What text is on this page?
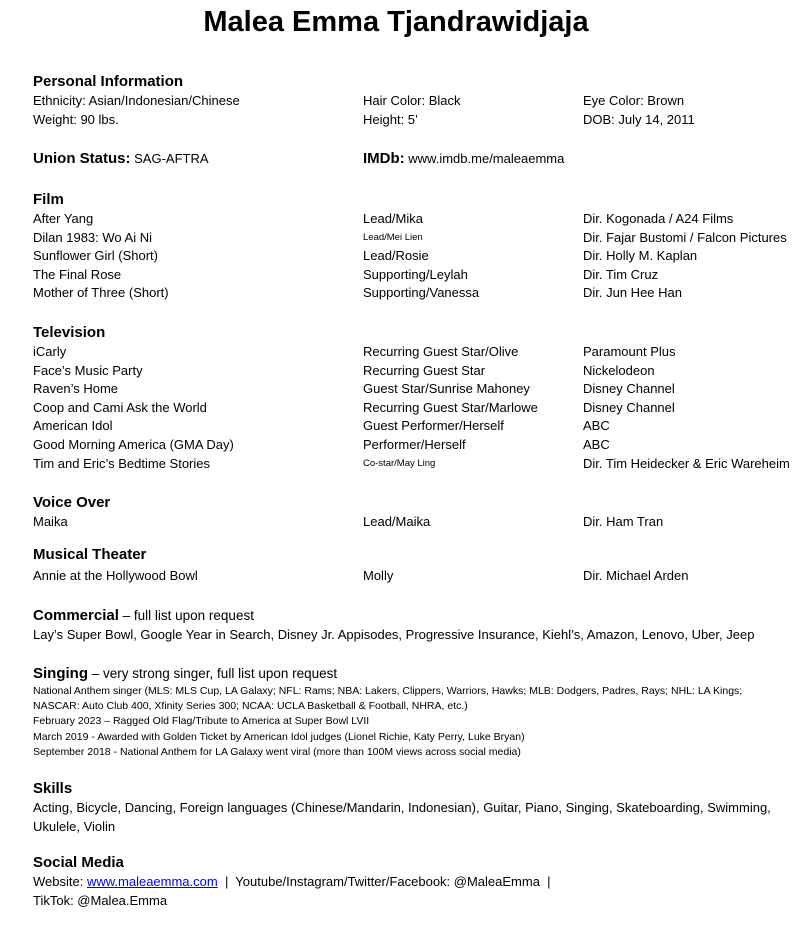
Malea Emma Tjandrawidjaja
Personal Information
Ethnicity: Asian/Indonesian/Chinese	Hair Color: Black	Eye Color: Brown
Weight: 90 lbs.	Height: 5’	DOB: July 14, 2011
Union Status: SAG-AFTRA	IMDb: www.imdb.me/maleaemma
Film
After Yang	Lead/Mika	Dir. Kogonada / A24 Films
Dilan 1983: Wo Ai Ni	Lead/Mei Lien	Dir. Fajar Bustomi / Falcon Pictures
Sunflower Girl (Short)	Lead/Rosie	Dir. Holly M. Kaplan
The Final Rose	Supporting/Leylah	Dir. Tim Cruz
Mother of Three (Short)	Supporting/Vanessa	Dir. Jun Hee Han
Television
iCarly	Recurring Guest Star/Olive	Paramount Plus
Face’s Music Party	Recurring Guest Star	Nickelodeon
Raven’s Home	Guest Star/Sunrise Mahoney	Disney Channel
Coop and Cami Ask the World	Recurring Guest Star/Marlowe	Disney Channel
American Idol	Guest Performer/Herself	ABC
Good Morning America (GMA Day)	Performer/Herself	ABC
Tim and Eric’s Bedtime Stories	Co-star/May Ling	Dir. Tim Heidecker & Eric Wareheim
Voice Over
Maika	Lead/Maika	Dir. Ham Tran
Musical Theater
Annie at the Hollywood Bowl	Molly	Dir. Michael Arden
Commercial – full list upon request
Lay’s Super Bowl, Google Year in Search, Disney Jr. Appisodes, Progressive Insurance, Kiehl’s, Amazon, Lenovo, Uber, Jeep
Singing – very strong singer, full list upon request
National Anthem singer (MLS: MLS Cup, LA Galaxy; NFL: Rams; NBA: Lakers, Clippers, Warriors, Hawks; MLB: Dodgers, Padres, Rays; NHL: LA Kings;
NASCAR: Auto Club 400, Xfinity Series 300; NCAA: UCLA Basketball & Football, NHRA, etc.)
February 2023 – Ragged Old Flag/Tribute to America at Super Bowl LVII
March 2019 - Awarded with Golden Ticket by American Idol judges (Lionel Richie, Katy Perry, Luke Bryan)
September 2018 - National Anthem for LA Galaxy went viral (more than 100M views across social media)
Skills
Acting, Bicycle, Dancing, Foreign languages (Chinese/Mandarin, Indonesian), Guitar, Piano, Singing, Skateboarding, Swimming,
Ukulele, Violin
Social Media
Website: www.maleaemma.com  |  Youtube/Instagram/Twitter/Facebook: @MaleaEmma  |
TikTok: @Malea.Emma
